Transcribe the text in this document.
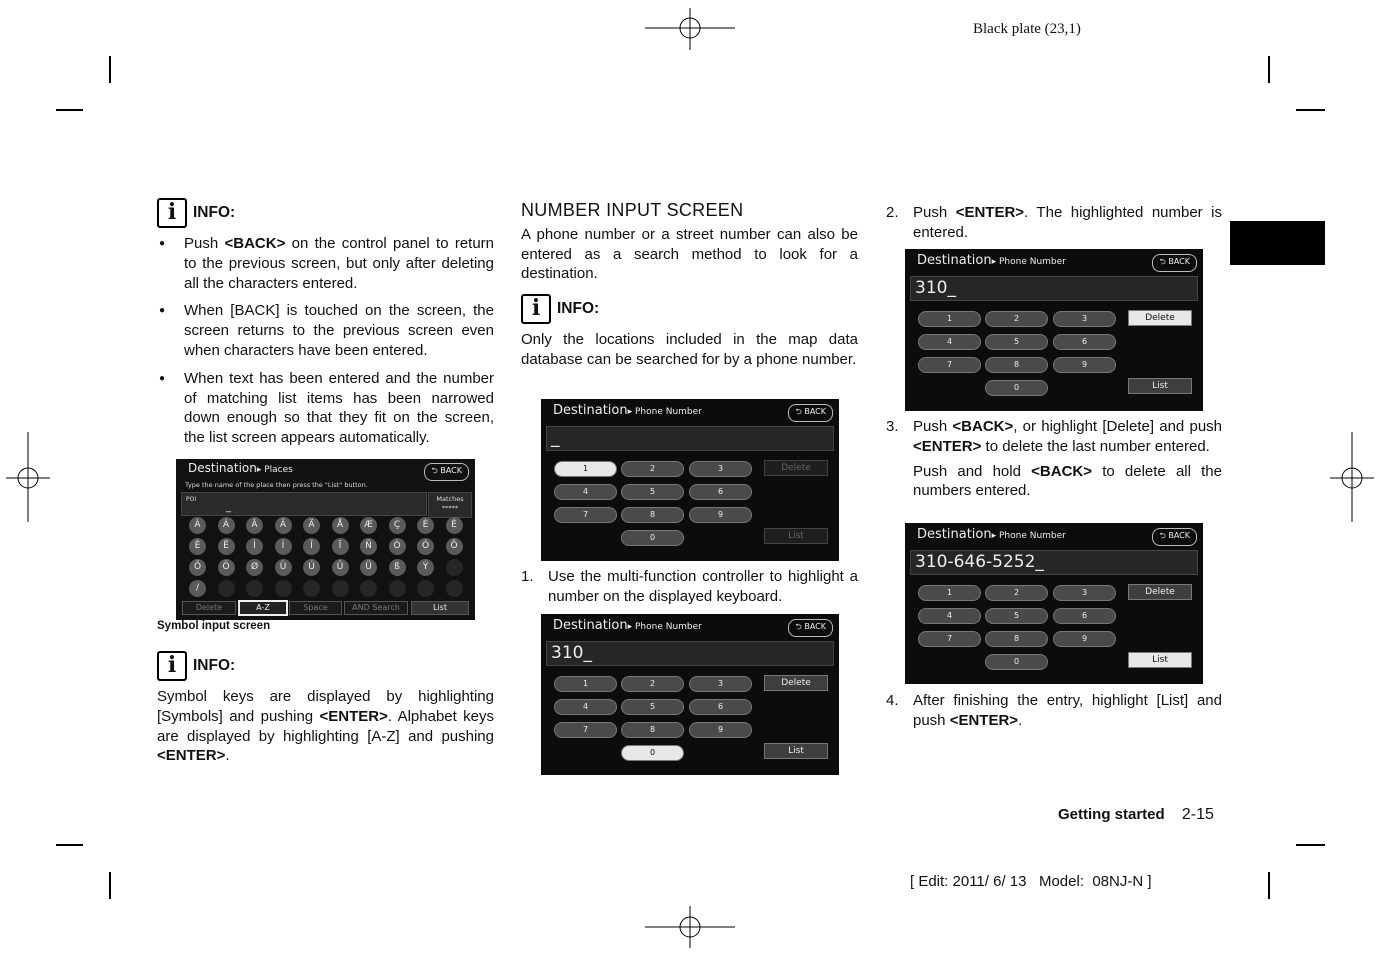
Black plate (23,1)
i	INFO:
● Push <BACK> on the control panel to return to the previous screen, but only after deleting all the characters entered.
● When [BACK] is touched on the screen, the screen returns to the previous screen even when characters have been entered.
● When text has been entered and the number of matching list items has been narrowed down enough so that they fit on the screen, the list screen appears automatically.
Destination▸ Places	⮌ BACK
Type the name of the place then press the "List" button.
POI
_
Matches
*****
À	Á	Â	Ã	Ä	Å	Æ	Ç	È	É
Ê	Ë	Ì	Í	Î	Ï	Ñ	Ò	Ó	Ô
Õ	Ö	Ø	Ù	Ú	Û	Ü	ß	Ý	-
/
Delete	A-Z	Space	AND Search	List
Symbol input screen
i	INFO:

Symbol keys are displayed by highlighting [Symbols] and pushing <ENTER>. Alphabet keys are displayed by highlighting [A-Z] and pushing <ENTER>.

NUMBER INPUT SCREEN

A phone number or a street number can also be entered as a search method to look for a destination.

i	INFO:

Only the locations included in the map data database can be searched for by a phone number.

1. Use the multi-function controller to highlight a number on the displayed keyboard.
2. Push <ENTER>. The highlighted number is entered.
3. Push <BACK>, or highlight [Delete] and push <ENTER> to delete the last number entered.

Push and hold <BACK> to delete all the numbers entered.

4. After finishing the entry, highlight [List] and push <ENTER>.
Destination▸ Phone Number	⮌ BACK
_
1	2	3
4	5	6
7	8	9
0
Delete
List
Destination▸ Phone Number	⮌ BACK
310_
1	2	3
4	5	6
7	8	9
0
Delete
List
Destination▸ Phone Number	⮌ BACK
310_
1	2	3
4	5	6
7	8	9
0
Delete
List
Destination▸ Phone Number	⮌ BACK
310-646-5252_
1	2	3
4	5	6
7	8	9
0
Delete
List
Getting started 2-15
[ Edit: 2011/ 6/ 13   Model:  08NJ-N ]
